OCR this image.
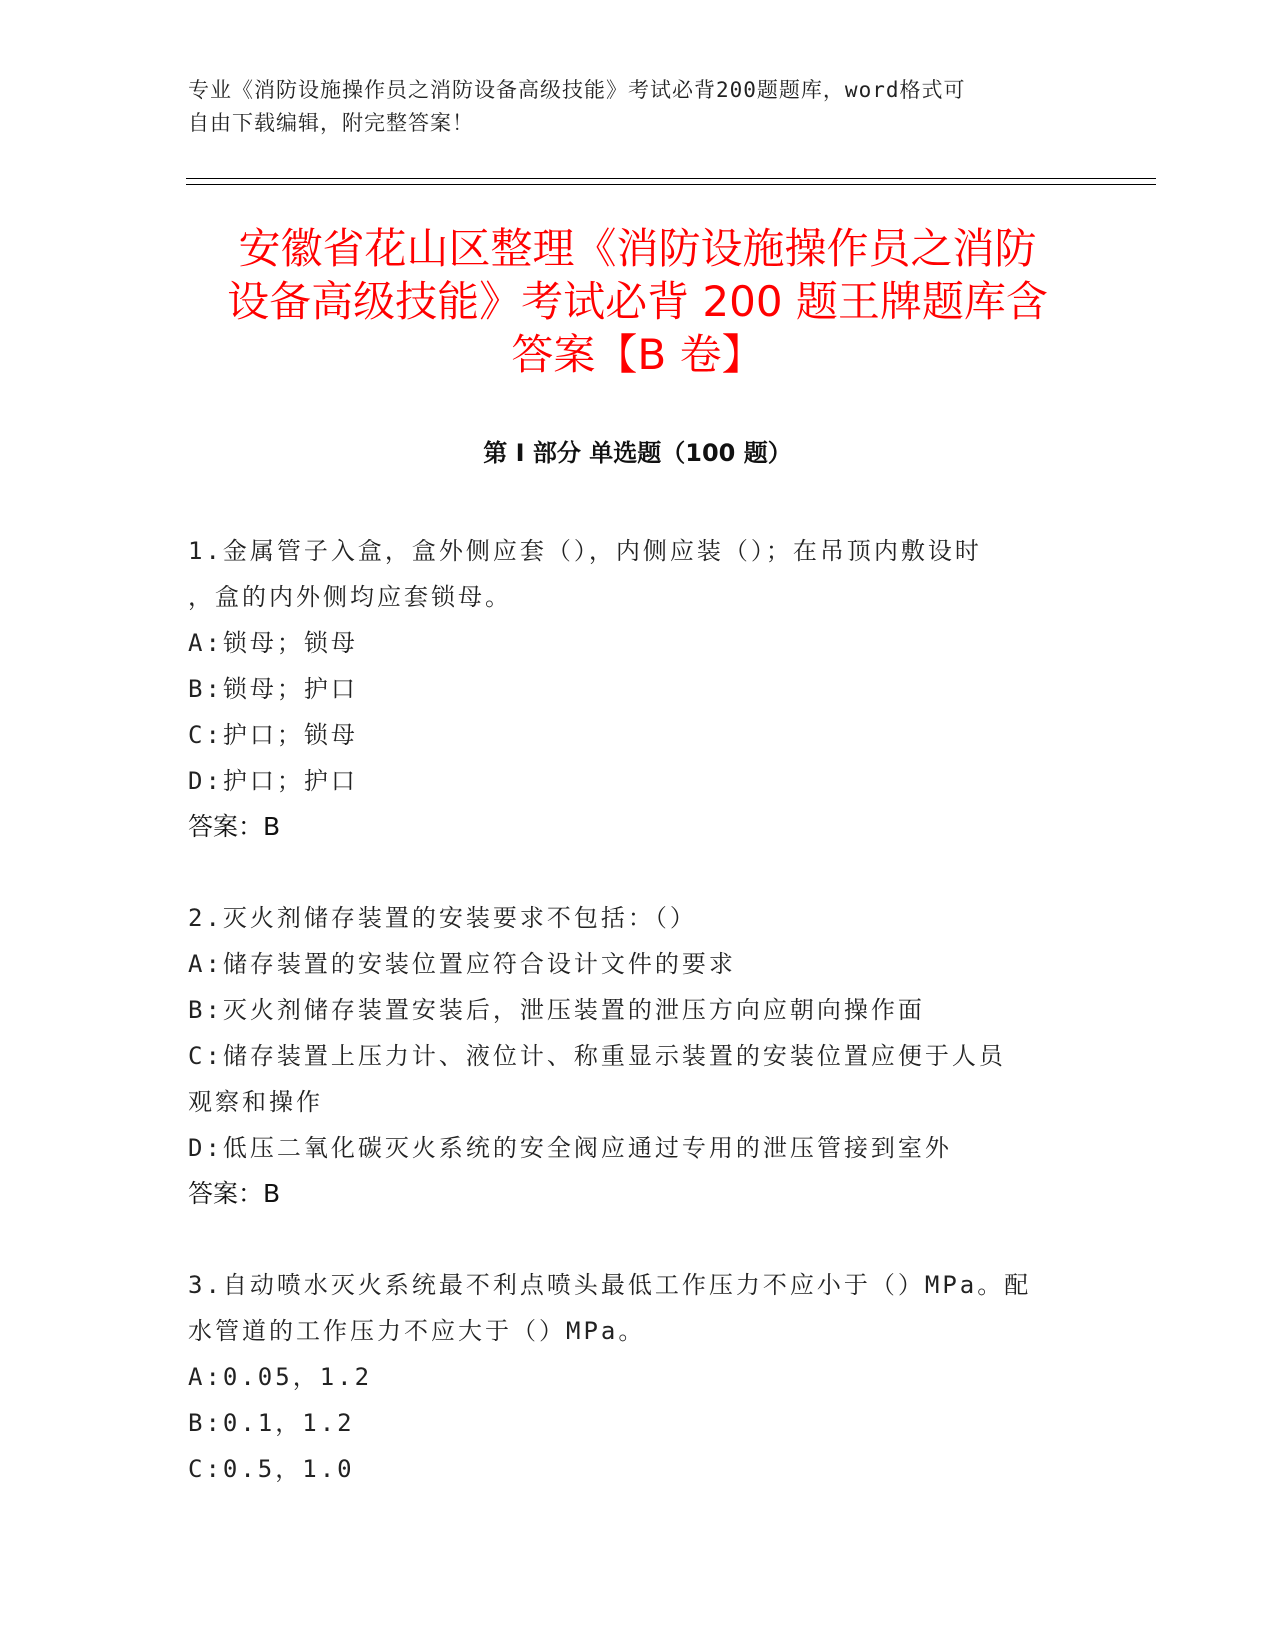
专业《消防设施操作员之消防设备高级技能》考试必背200题题库，word格式可
自由下载编辑，附完整答案！
安徽省花山区整理《消防设施操作员之消防
设备高级技能》考试必背 200 题王牌题库含
答案【B 卷】
第 I 部分 单选题（100 题）

1.金属管子入盒，盒外侧应套（），内侧应装（）；在吊顶内敷设时

，盒的内外侧均应套锁母。

A:锁母；锁母

B:锁母；护口

C:护口；锁母

D:护口；护口

答案：B

2.灭火剂储存装置的安装要求不包括：（）

A:储存装置的安装位置应符合设计文件的要求

B:灭火剂储存装置安装后，泄压装置的泄压方向应朝向操作面

C:储存装置上压力计、液位计、称重显示装置的安装位置应便于人员

观察和操作

D:低压二氧化碳灭火系统的安全阀应通过专用的泄压管接到室外

答案：B

3.自动喷水灭火系统最不利点喷头最低工作压力不应小于（）MPa。配

水管道的工作压力不应大于（）MPa。

A:0.05，1.2

B:0.1，1.2

C:0.5，1.0
